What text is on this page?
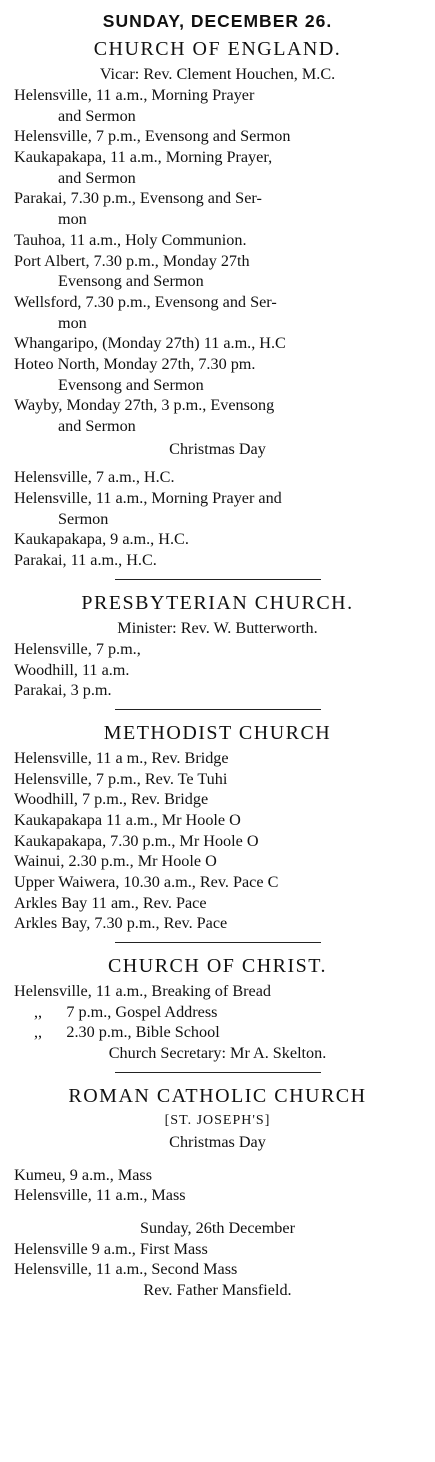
SUNDAY, DECEMBER 26.
CHURCH OF ENGLAND.
Vicar: Rev. Clement Houchen, M.C.
Helensville, 11 a.m., Morning Prayer
and Sermon
Helensville, 7 p.m., Evensong and Sermon
Kaukapakapa, 11 a.m., Morning Prayer,
and Sermon
Parakai, 7.30 p.m., Evensong and Ser-
mon
Tauhoa, 11 a.m., Holy Communion.
Port Albert, 7.30 p.m., Monday 27th
Evensong and Sermon
Wellsford, 7.30 p.m., Evensong and Ser-
mon
Whangaripo, (Monday 27th) 11 a.m., H.C
Hoteo North, Monday 27th, 7.30 pm.
Evensong and Sermon
Wayby, Monday 27th, 3 p.m., Evensong
and Sermon
Christmas Day
Helensville, 7 a.m., H.C.
Helensville, 11 a.m., Morning Prayer and
Sermon
Kaukapakapa, 9 a.m., H.C.
Parakai, 11 a.m., H.C.
PRESBYTERIAN CHURCH.
Minister: Rev. W. Butterworth.
Helensville, 7 p.m.,
Woodhill, 11 a.m.
Parakai, 3 p.m.
METHODIST CHURCH
Helensville, 11 a m., Rev. Bridge
Helensville, 7 p.m., Rev. Te Tuhi
Woodhill, 7 p.m., Rev. Bridge
Kaukapakapa 11 a.m., Mr Hoole O
Kaukapakapa, 7.30 p.m., Mr Hoole O
Wainui, 2.30 p.m., Mr Hoole O
Upper Waiwera, 10.30 a.m., Rev. Pace C
Arkles Bay 11 am., Rev. Pace
Arkles Bay, 7.30 p.m., Rev. Pace
CHURCH OF CHRIST.
Helensville, 11 a.m., Breaking of Bread
,,      7 p.m., Gospel Address
,,      2.30 p.m., Bible School
Church Secretary: Mr A. Skelton.
ROMAN CATHOLIC CHURCH
[ST. JOSEPH'S]
Christmas Day
Kumeu, 9 a.m., Mass
Helensville, 11 a.m., Mass
Sunday, 26th December
Helensville 9 a.m., First Mass
Helensville, 11 a.m., Second Mass
Rev. Father Mansfield.
